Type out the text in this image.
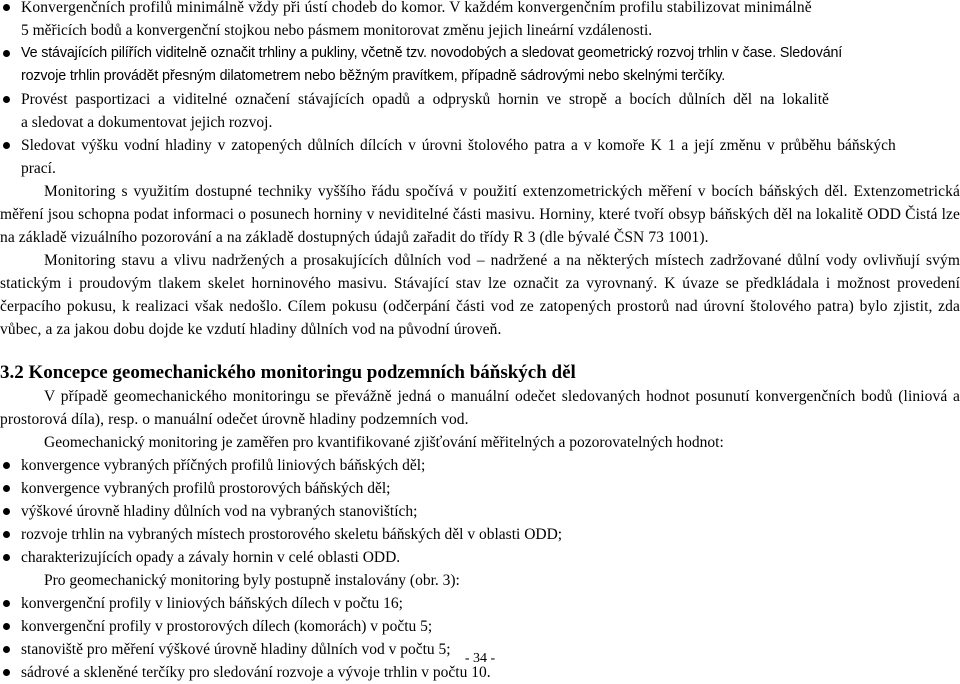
Konvergenčních profilů minimálně vždy při ústí chodeb do komor. V každém konvergenčním profilu stabilizovat minimálně

5 měřicích bodů a konvergenční stojkou nebo pásmem monitorovat změnu jejich lineární vzdálenosti.

Ve stávajících pilířích viditelně označit trhliny a pukliny, včetně tzv. novodobých a sledovat geometrický rozvoj trhlin v čase. Sledování

rozvoje trhlin provádět přesným dilatometrem nebo běžným pravítkem, případně sádrovými nebo skelnými terčíky.

Provést pasportizaci a viditelné označení stávajících opadů a odprysků hornin ve stropě a bocích důlních děl na lokalitě

a sledovat a dokumentovat jejich rozvoj.

Sledovat výšku vodní hladiny v zatopených důlních dílcích v úrovni štolového patra a v komoře K 1 a její změnu v průběhu báňských

prací.

Monitoring s využitím dostupné techniky vyššího řádu spočívá v použití extenzometrických měření v bocích báňských děl. Extenzometrická měření jsou schopna podat informaci o posunech horniny v neviditelné části masivu. Horniny, které tvoří obsyp báňských děl na lokalitě ODD Čistá lze na základě vizuálního pozorování a na základě dostupných údajů zařadit do třídy R 3 (dle bývalé ČSN 73 1001).

Monitoring stavu a vlivu nadržených a prosakujících důlních vod – nadržené a na některých místech zadržované důlní vody ovlivňují svým statickým i proudovým tlakem skelet horninového masivu. Stávající stav lze označit za vyrovnaný. K úvaze se předkládala i možnost provedení čerpacího pokusu, k realizaci však nedošlo. Cílem pokusu (odčerpání části vod ze zatopených prostorů nad úrovní štolového patra) bylo zjistit, zda vůbec, a za jakou dobu dojde ke vzdutí hladiny důlních vod na původní úroveň.

3.2 Koncepce geomechanického monitoringu podzemních báňských děl

V případě geomechanického monitoringu se převážně jedná o manuální odečet sledovaných hodnot posunutí konvergenčních bodů (liniová a prostorová díla), resp. o manuální odečet úrovně hladiny podzemních vod.

Geomechanický monitoring je zaměřen pro kvantifikované zjišťování měřitelných a pozorovatelných hodnot:

konvergence vybraných příčných profilů liniových báňských děl;
konvergence vybraných profilů prostorových báňských děl;
výškové úrovně hladiny důlních vod na vybraných stanovištích;
rozvoje trhlin na vybraných místech prostorového skeletu báňských děl v oblasti ODD;
charakterizujících opady a závaly hornin v celé oblasti ODD.

Pro geomechanický monitoring byly postupně instalovány (obr. 3):

konvergenční profily v liniových báňských dílech v počtu 16;
konvergenční profily v prostorových dílech (komorách) v počtu 5;
stanoviště pro měření výškové úrovně hladiny důlních vod v počtu 5;
sádrové a skleněné terčíky pro sledování rozvoje a vývoje trhlin v počtu 10.
- 34 -
